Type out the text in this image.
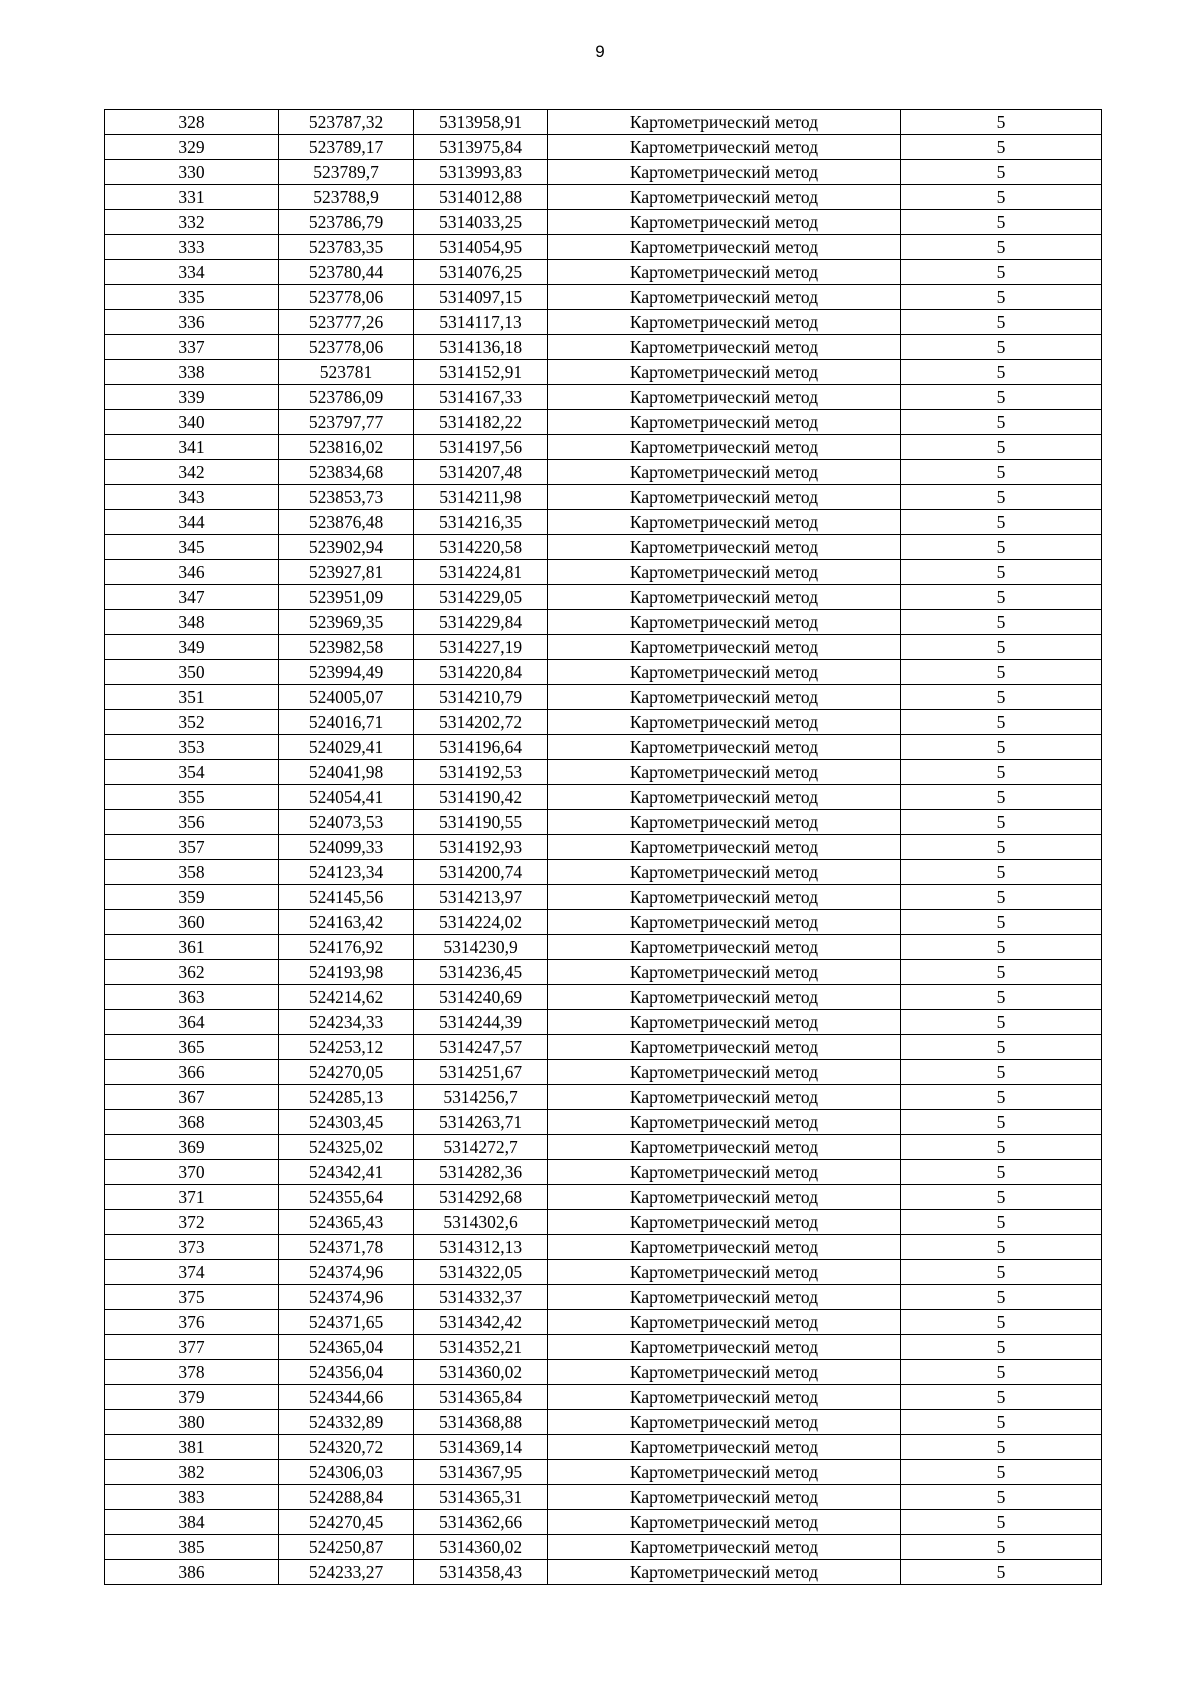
9
328	523787,32	5313958,91	Картометрический метод	5
329	523789,17	5313975,84	Картометрический метод	5
330	523789,7	5313993,83	Картометрический метод	5
331	523788,9	5314012,88	Картометрический метод	5
332	523786,79	5314033,25	Картометрический метод	5
333	523783,35	5314054,95	Картометрический метод	5
334	523780,44	5314076,25	Картометрический метод	5
335	523778,06	5314097,15	Картометрический метод	5
336	523777,26	5314117,13	Картометрический метод	5
337	523778,06	5314136,18	Картометрический метод	5
338	523781	5314152,91	Картометрический метод	5
339	523786,09	5314167,33	Картометрический метод	5
340	523797,77	5314182,22	Картометрический метод	5
341	523816,02	5314197,56	Картометрический метод	5
342	523834,68	5314207,48	Картометрический метод	5
343	523853,73	5314211,98	Картометрический метод	5
344	523876,48	5314216,35	Картометрический метод	5
345	523902,94	5314220,58	Картометрический метод	5
346	523927,81	5314224,81	Картометрический метод	5
347	523951,09	5314229,05	Картометрический метод	5
348	523969,35	5314229,84	Картометрический метод	5
349	523982,58	5314227,19	Картометрический метод	5
350	523994,49	5314220,84	Картометрический метод	5
351	524005,07	5314210,79	Картометрический метод	5
352	524016,71	5314202,72	Картометрический метод	5
353	524029,41	5314196,64	Картометрический метод	5
354	524041,98	5314192,53	Картометрический метод	5
355	524054,41	5314190,42	Картометрический метод	5
356	524073,53	5314190,55	Картометрический метод	5
357	524099,33	5314192,93	Картометрический метод	5
358	524123,34	5314200,74	Картометрический метод	5
359	524145,56	5314213,97	Картометрический метод	5
360	524163,42	5314224,02	Картометрический метод	5
361	524176,92	5314230,9	Картометрический метод	5
362	524193,98	5314236,45	Картометрический метод	5
363	524214,62	5314240,69	Картометрический метод	5
364	524234,33	5314244,39	Картометрический метод	5
365	524253,12	5314247,57	Картометрический метод	5
366	524270,05	5314251,67	Картометрический метод	5
367	524285,13	5314256,7	Картометрический метод	5
368	524303,45	5314263,71	Картометрический метод	5
369	524325,02	5314272,7	Картометрический метод	5
370	524342,41	5314282,36	Картометрический метод	5
371	524355,64	5314292,68	Картометрический метод	5
372	524365,43	5314302,6	Картометрический метод	5
373	524371,78	5314312,13	Картометрический метод	5
374	524374,96	5314322,05	Картометрический метод	5
375	524374,96	5314332,37	Картометрический метод	5
376	524371,65	5314342,42	Картометрический метод	5
377	524365,04	5314352,21	Картометрический метод	5
378	524356,04	5314360,02	Картометрический метод	5
379	524344,66	5314365,84	Картометрический метод	5
380	524332,89	5314368,88	Картометрический метод	5
381	524320,72	5314369,14	Картометрический метод	5
382	524306,03	5314367,95	Картометрический метод	5
383	524288,84	5314365,31	Картометрический метод	5
384	524270,45	5314362,66	Картометрический метод	5
385	524250,87	5314360,02	Картометрический метод	5
386	524233,27	5314358,43	Картометрический метод	5
